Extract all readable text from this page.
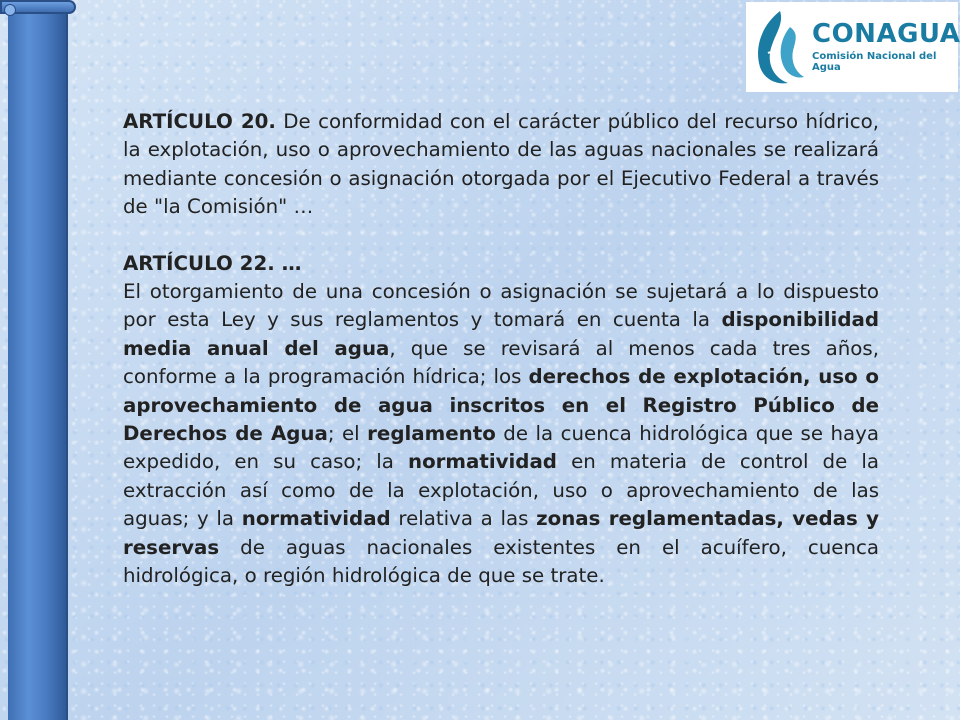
CONAGUA
Comisión Nacional del Agua

ARTÍCULO 20. De conformidad con el carácter público del recurso hídrico, la explotación, uso o aprovechamiento de las aguas nacionales se realizará mediante concesión o asignación otorgada por el Ejecutivo Federal a través de "la Comisión" …

ARTÍCULO 22. …

El otorgamiento de una concesión o asignación se sujetará a lo dispuesto por esta Ley y sus reglamentos y tomará en cuenta la disponibilidad media anual del agua, que se revisará al menos cada tres años, conforme a la programación hídrica; los derechos de explotación, uso o aprovechamiento de agua inscritos en el Registro Público de Derechos de Agua; el reglamento de la cuenca hidrológica que se haya expedido, en su caso; la normatividad en materia de control de la extracción así como de la explotación, uso o aprovechamiento de las aguas; y la normatividad relativa a las zonas reglamentadas, vedas y reservas de aguas nacionales existentes en el acuífero, cuenca hidrológica, o región hidrológica de que se trate.
